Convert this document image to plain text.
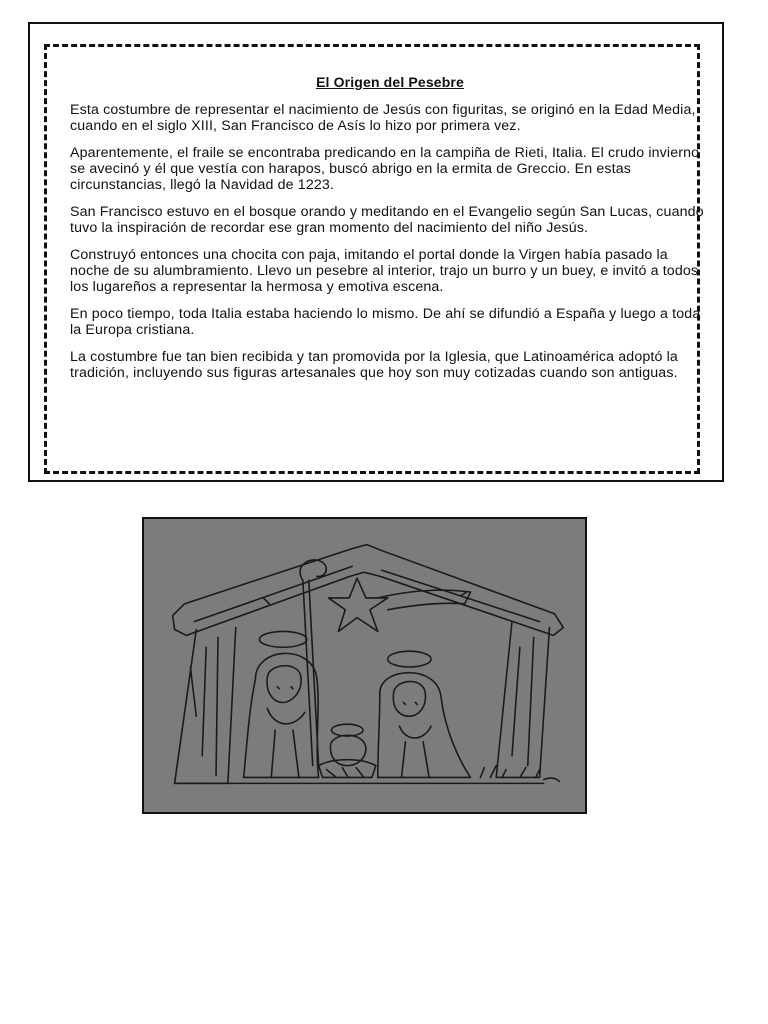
El Origen del Pesebre

Esta costumbre de representar el nacimiento de Jesús con figuritas, se originó en la Edad Media, cuando en el siglo XIII, San Francisco de Asís lo hizo por primera vez.

Aparentemente, el fraile se encontraba predicando en la campiña de Rieti, Italia. El crudo invierno se avecinó y él que vestía con harapos, buscó abrigo en la ermita de Greccio. En estas circunstancias, llegó la Navidad de 1223.

San Francisco estuvo en el bosque orando y meditando en el Evangelio según San Lucas, cuando tuvo la inspiración de recordar ese gran momento del nacimiento del niño Jesús.

Construyó entonces una chocita con paja, imitando el portal donde la Virgen había pasado la noche de su alumbramiento. Llevo un pesebre al interior, trajo un burro y un buey, e invitó a todos los lugareños a representar la hermosa y emotiva escena.

En poco tiempo, toda Italia estaba haciendo lo mismo. De ahí se difundió a España y luego a toda la Europa cristiana.

La costumbre fue tan bien recibida y tan promovida por la Iglesia, que Latinoamérica adoptó la tradición, incluyendo sus figuras artesanales que hoy son muy cotizadas cuando son antiguas.
